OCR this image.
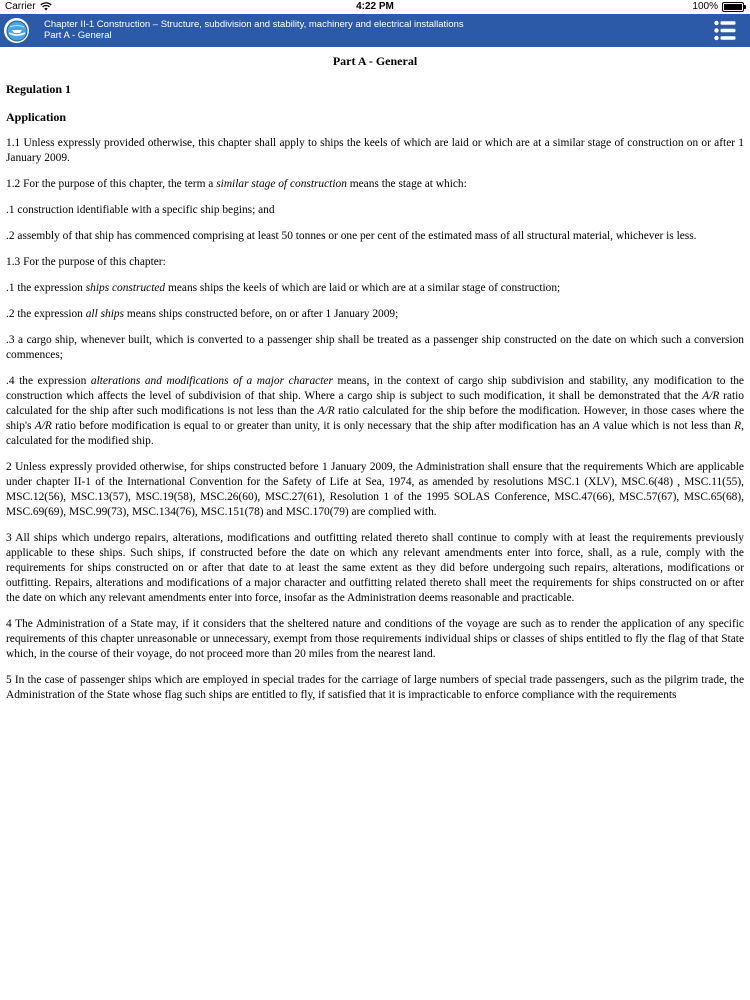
Carrier	4:22 PM	100%
Chapter II-1 Construction – Structure, subdivision and stability, machinery and electrical installations
Part A - General
Part A - General
Regulation 1
Application

1.1 Unless expressly provided otherwise, this chapter shall apply to ships the keels of which are laid or which are at a similar stage of construction on or after 1 January 2009.

1.2 For the purpose of this chapter, the term a similar stage of construction means the stage at which:

.1 construction identifiable with a specific ship begins; and

.2 assembly of that ship has commenced comprising at least 50 tonnes or one per cent of the estimated mass of all structural material, whichever is less.

1.3 For the purpose of this chapter:

.1 the expression ships constructed means ships the keels of which are laid or which are at a similar stage of construction;

.2 the expression all ships means ships constructed before, on or after 1 January 2009;

.3 a cargo ship, whenever built, which is converted to a passenger ship shall be treated as a passenger ship constructed on the date on which such a conversion commences;

.4 the expression alterations and modifications of a major character means, in the context of cargo ship subdivision and stability, any modification to the construction which affects the level of subdivision of that ship. Where a cargo ship is subject to such modification, it shall be demonstrated that the A/R ratio calculated for the ship after such modifications is not less than the A/R ratio calculated for the ship before the modification. However, in those cases where the ship's A/R ratio before modification is equal to or greater than unity, it is only necessary that the ship after modification has an A value which is not less than R, calculated for the modified ship.

2 Unless expressly provided otherwise, for ships constructed before 1 January 2009, the Administration shall ensure that the requirements Which are applicable under chapter II-1 of the International Convention for the Safety of Life at Sea, 1974, as amended by resolutions MSC.1 (XLV), MSC.6(48) , MSC.11(55), MSC.12(56), MSC.13(57), MSC.19(58), MSC.26(60), MSC.27(61), Resolution 1 of the 1995 SOLAS Conference, MSC.47(66), MSC.57(67), MSC.65(68), MSC.69(69), MSC.99(73), MSC.134(76), MSC.151(78) and MSC.170(79) are complied with.

3 All ships which undergo repairs, alterations, modifications and outfitting related thereto shall continue to comply with at least the requirements previously applicable to these ships. Such ships, if constructed before the date on which any relevant amendments enter into force, shall, as a rule, comply with the requirements for ships constructed on or after that date to at least the same extent as they did before undergoing such repairs, alterations, modifications or outfitting. Repairs, alterations and modifications of a major character and outfitting related thereto shall meet the requirements for ships constructed on or after the date on which any relevant amendments enter into force, insofar as the Administration deems reasonable and practicable.

4 The Administration of a State may, if it considers that the sheltered nature and conditions of the voyage are such as to render the application of any specific requirements of this chapter unreasonable or unnecessary, exempt from those requirements individual ships or classes of ships entitled to fly the flag of that State which, in the course of their voyage, do not proceed more than 20 miles from the nearest land.

5 In the case of passenger ships which are employed in special trades for the carriage of large numbers of special trade passengers, such as the pilgrim trade, the Administration of the State whose flag such ships are entitled to fly, if satisfied that it is impracticable to enforce compliance with the requirements
